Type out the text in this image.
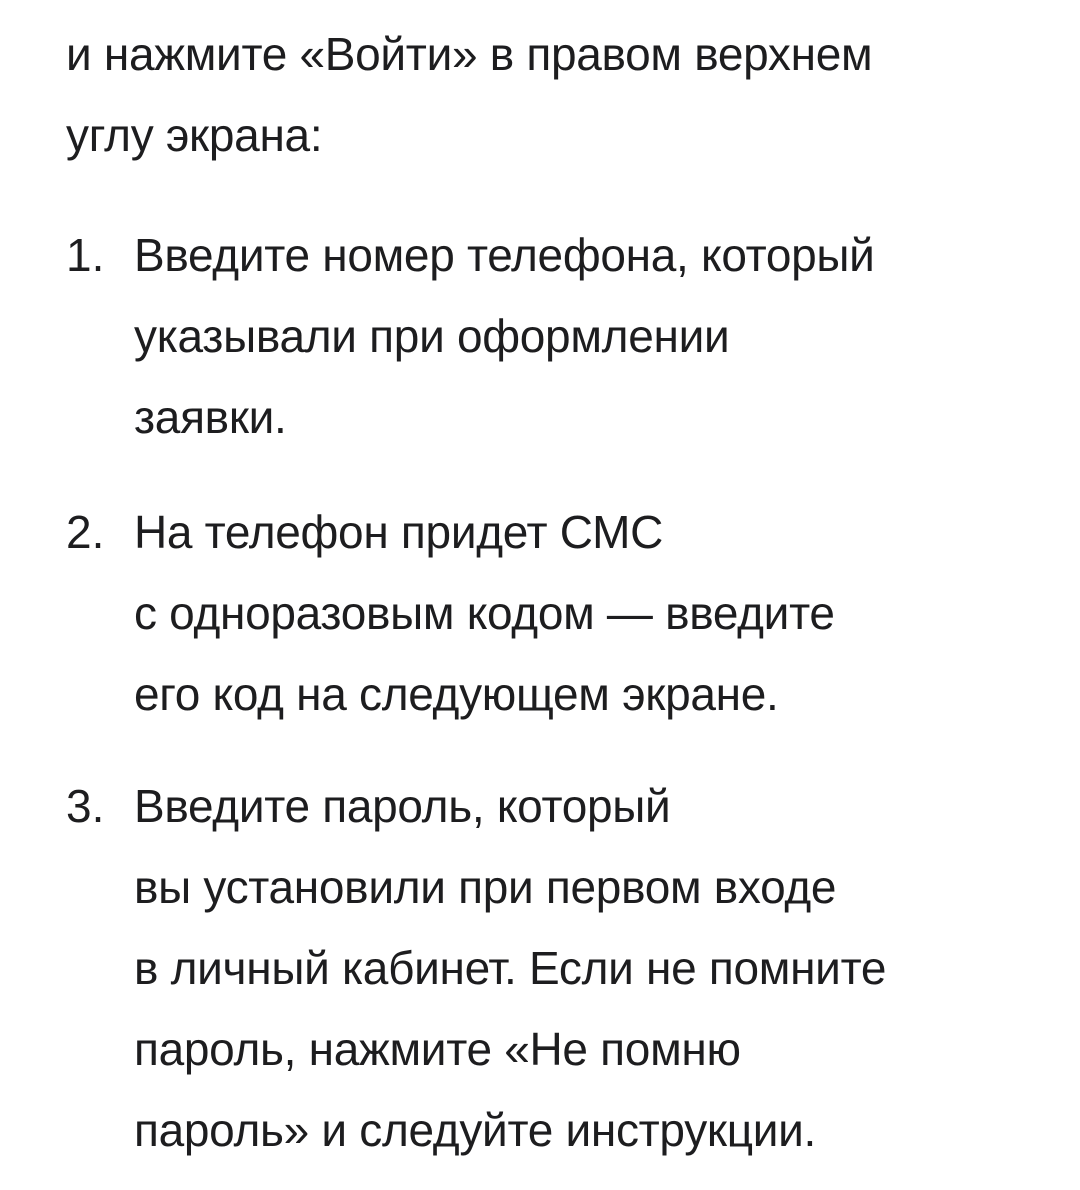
и нажмите «Войти» в правом верхнем
углу экрана:

1. Введите номер телефона, который
указывали при оформлении
заявки.

2. На телефон придет СМС
с одноразовым кодом — введите
его код на следующем экране.

3. Введите пароль, который
вы установили при первом входе
в личный кабинет. Если не помните
пароль, нажмите «Не помню
пароль» и следуйте инструкции.
